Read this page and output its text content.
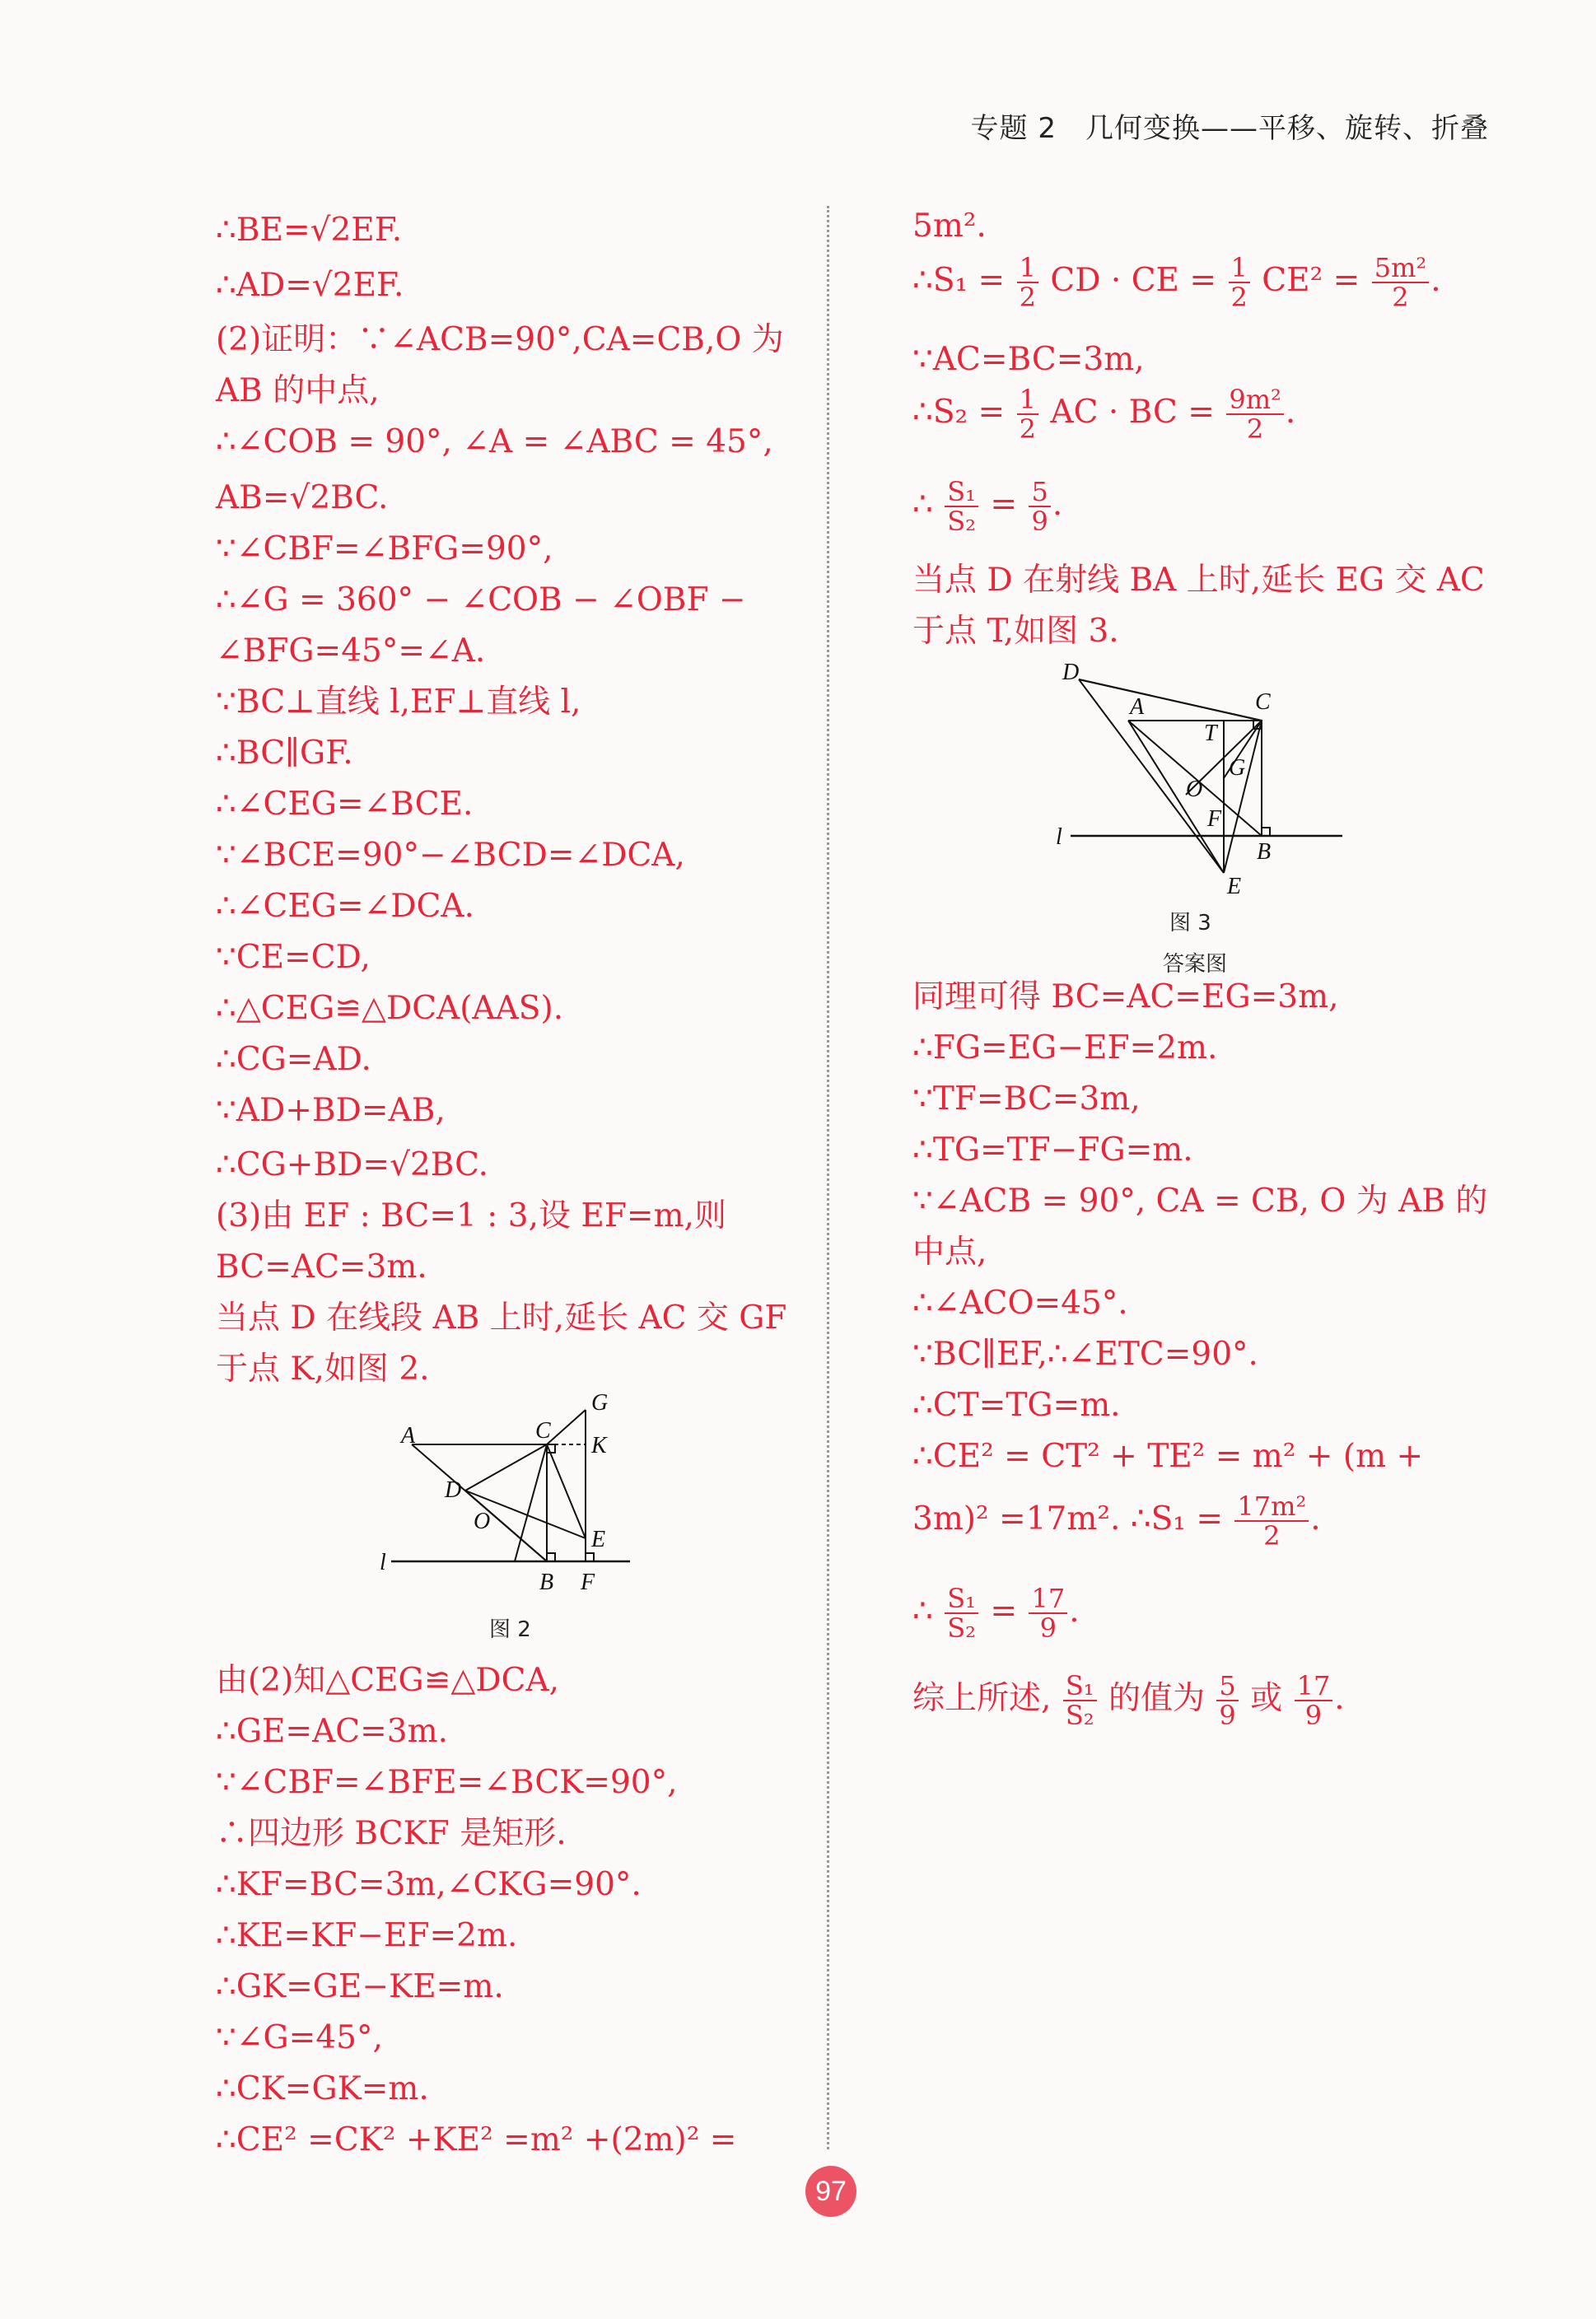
专题 2　几何变换——平移、旋转、折叠
∴BE=√2EF.
∴AD=√2EF.
(2)证明：∵∠ACB=90°,CA=CB,O 为
AB 的中点,
∴∠COB = 90°, ∠A = ∠ABC = 45°,
AB=√2BC.
∵∠CBF=∠BFG=90°,
∴∠G = 360° − ∠COB − ∠OBF −
∠BFG=45°=∠A.
∵BC⊥直线 l,EF⊥直线 l,
∴BC∥GF.
∴∠CEG=∠BCE.
∵∠BCE=90°−∠BCD=∠DCA,
∴∠CEG=∠DCA.
∵CE=CD,
∴△CEG≌△DCA(AAS).
∴CG=AD.
∵AD+BD=AB,
∴CG+BD=√2BC.
(3)由 EF : BC=1 : 3,设 EF=m,则
BC=AC=3m.
当点 D 在线段 AB 上时,延长 AC 交 GF
于点 K,如图 2.
A	C
G
K
D
O
E
l
B F
图 2
由(2)知△CEG≌△DCA,
∴GE=AC=3m.
∵∠CBF=∠BFE=∠BCK=90°,
∴四边形 BCKF 是矩形.
∴KF=BC=3m,∠CKG=90°.
∴KE=KF−EF=2m.
∴GK=GE−KE=m.
∵∠G=45°,
∴CK=GK=m.
∴CE² =CK² +KE² =m² +(2m)² =
5m².
∴S₁ = $\frac{1}{2}$ CD · CE = $\frac{1}{2} CE^2 = \frac{\text{5m²}}{2}$ .
∵AC=BC=3m,
∴S₂ = $\frac{1}{2}$ AC · BC = $\frac{\text{9m²}}{2}$ .
∴ $\frac{\text{S₁}}{\text{S₂}} = \frac{5}{9}$ .
当点 D 在射线 BA 上时,延长 EG 交 AC
于点 T,如图 3.
D
A	C
T
G
O
F
l
B
E
图 3
答案图
同理可得 BC=AC=EG=3m,
∴FG=EG−EF=2m.
∵TF=BC=3m,
∴TG=TF−FG=m.
∵∠ACB = 90°, CA = CB, O 为 AB 的
中点,
∴∠ACO=45°.
∵BC∥EF,∴∠ETC=90°.
∴CT=TG=m.
∴CE² = CT² + TE² = m² + (m +
3m)² =17m². ∴S₁ = $\frac{\text{17m²}}{2}$ .
∴ $\frac{\text{S₁}}{\text{S₂}} = \frac{17}{9}$ .
综上所述, $\frac{\text{S₁}}{\text{S₂}}$ 的值为 $\frac{5}{9}$ 或 $\frac{17}{9}$ .
97
